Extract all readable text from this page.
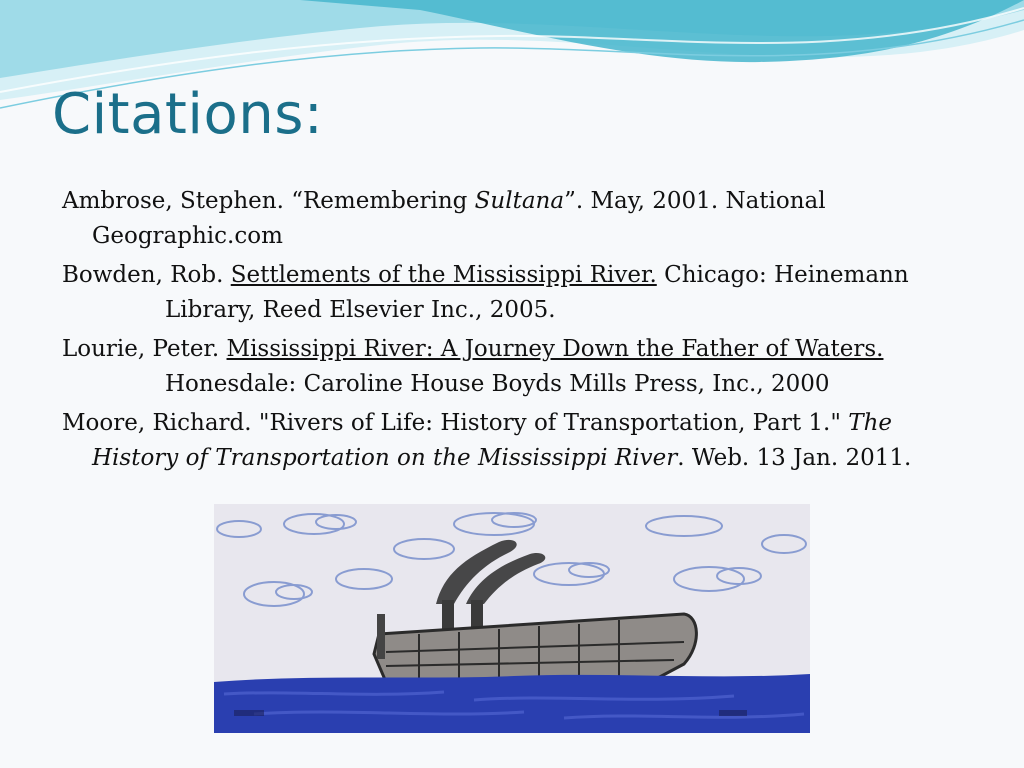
Citations:

Ambrose, Stephen. “Remembering Sultana”. May, 2001. National
Geographic.com

Bowden, Rob. Settlements of the Mississippi River. Chicago: Heinemann
Library, Reed Elsevier Inc., 2005.

Lourie, Peter. Mississippi River: A Journey Down the Father of Waters.
Honesdale: Caroline House Boyds Mills Press, Inc., 2000

Moore, Richard. "Rivers of Life: History of Transportation, Part 1." The
History of Transportation on the Mississippi River. Web. 13 Jan. 2011.
